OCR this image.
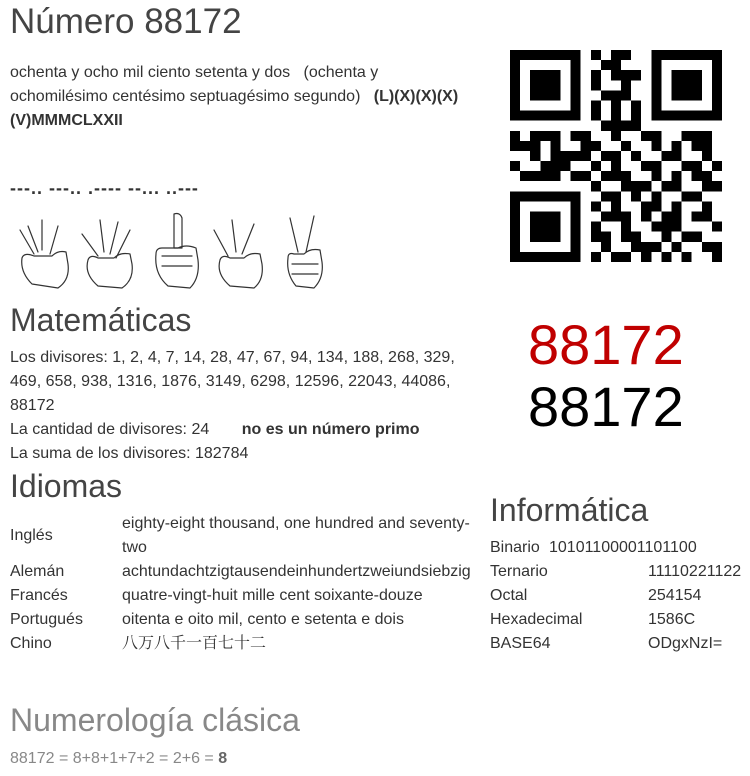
Número 88172
ochenta y ocho mil ciento setenta y dos (ochenta y ochomilésimo centésimo septuagésimo segundo) (L)(X)(X)(X)(V)MMMCLXXII
---.. ---.. .---- --... ..---
Matemáticas

Los divisores: 1, 2, 4, 7, 14, 28, 47, 67, 94, 134, 188, 268, 329, 469, 658, 938, 1316, 1876, 3149, 6298, 12596, 22043, 44086, 88172

La cantidad de divisores: 24 no es un número primo

La suma de los divisores: 182784

Idiomas
Inglés	eighty-eight thousand, one hundred and seventy-two
Alemán	achtundachtzigtausendeinhundertzweiundsiebzig
Francés	quatre-vingt-huit mille cent soixante-douze
Portugués	oitenta e oito mil, cento e setenta e dois
Chino	八万八千一百七十二
88172
88172
Informática
Binario 10101100001101100
Ternario	11110221122
Octal	254154
Hexadecimal	1586C
BASE64	ODgxNzI=
Numerología clásica
88172 = 8+8+1+7+2 = 2+6 = 8
